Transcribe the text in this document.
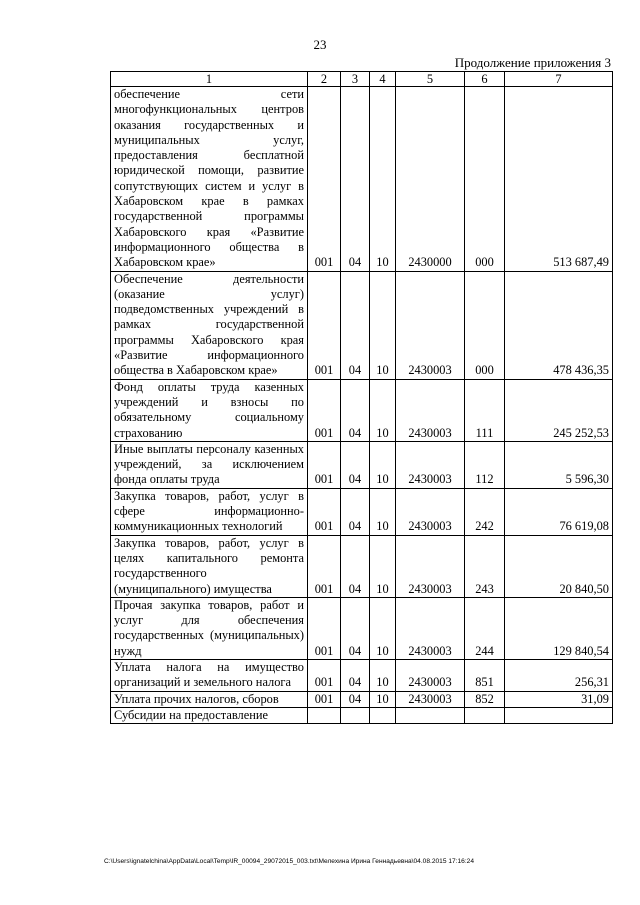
23
Продолжение приложения 3
1	2	3	4	5	6	7
обеспечение сети многофункциональных центров оказания государственных и муниципальных услуг, предоставления бесплатной юридической помощи, развитие сопутствующих систем и услуг в Хабаровском крае в рамках государственной программы Хабаровского края «Развитие информационного общества в Хабаровском крае»	001	04	10	2430000	000	513 687,49
Обеспечение деятельности (оказание услуг) подведомственных учреждений в рамках государственной программы Хабаровского края «Развитие информационного общества в Хабаровском крае»	001	04	10	2430003	000	478 436,35
Фонд оплаты труда казенных учреждений и взносы по обязательному социальному страхованию	001	04	10	2430003	111	245 252,53
Иные выплаты персоналу казенных учреждений, за исключением фонда оплаты труда	001	04	10	2430003	112	5 596,30
Закупка товаров, работ, услуг в сфере информационно-коммуникационных технологий	001	04	10	2430003	242	76 619,08
Закупка товаров, работ, услуг в целях капитального ремонта государственного (муниципального) имущества	001	04	10	2430003	243	20 840,50
Прочая закупка товаров, работ и услуг для обеспечения государственных (муниципальных) нужд	001	04	10	2430003	244	129 840,54
Уплата налога на имущество организаций и земельного налога	001	04	10	2430003	851	256,31
Уплата прочих налогов, сборов	001	04	10	2430003	852	31,09
Субсидии на предоставление						
C:\Users\ignatelchina\AppData\Local\Temp\IR_00094_29072015_003.txt\Мелехина Ирина Геннадьевна\04.08.2015 17:16:24
